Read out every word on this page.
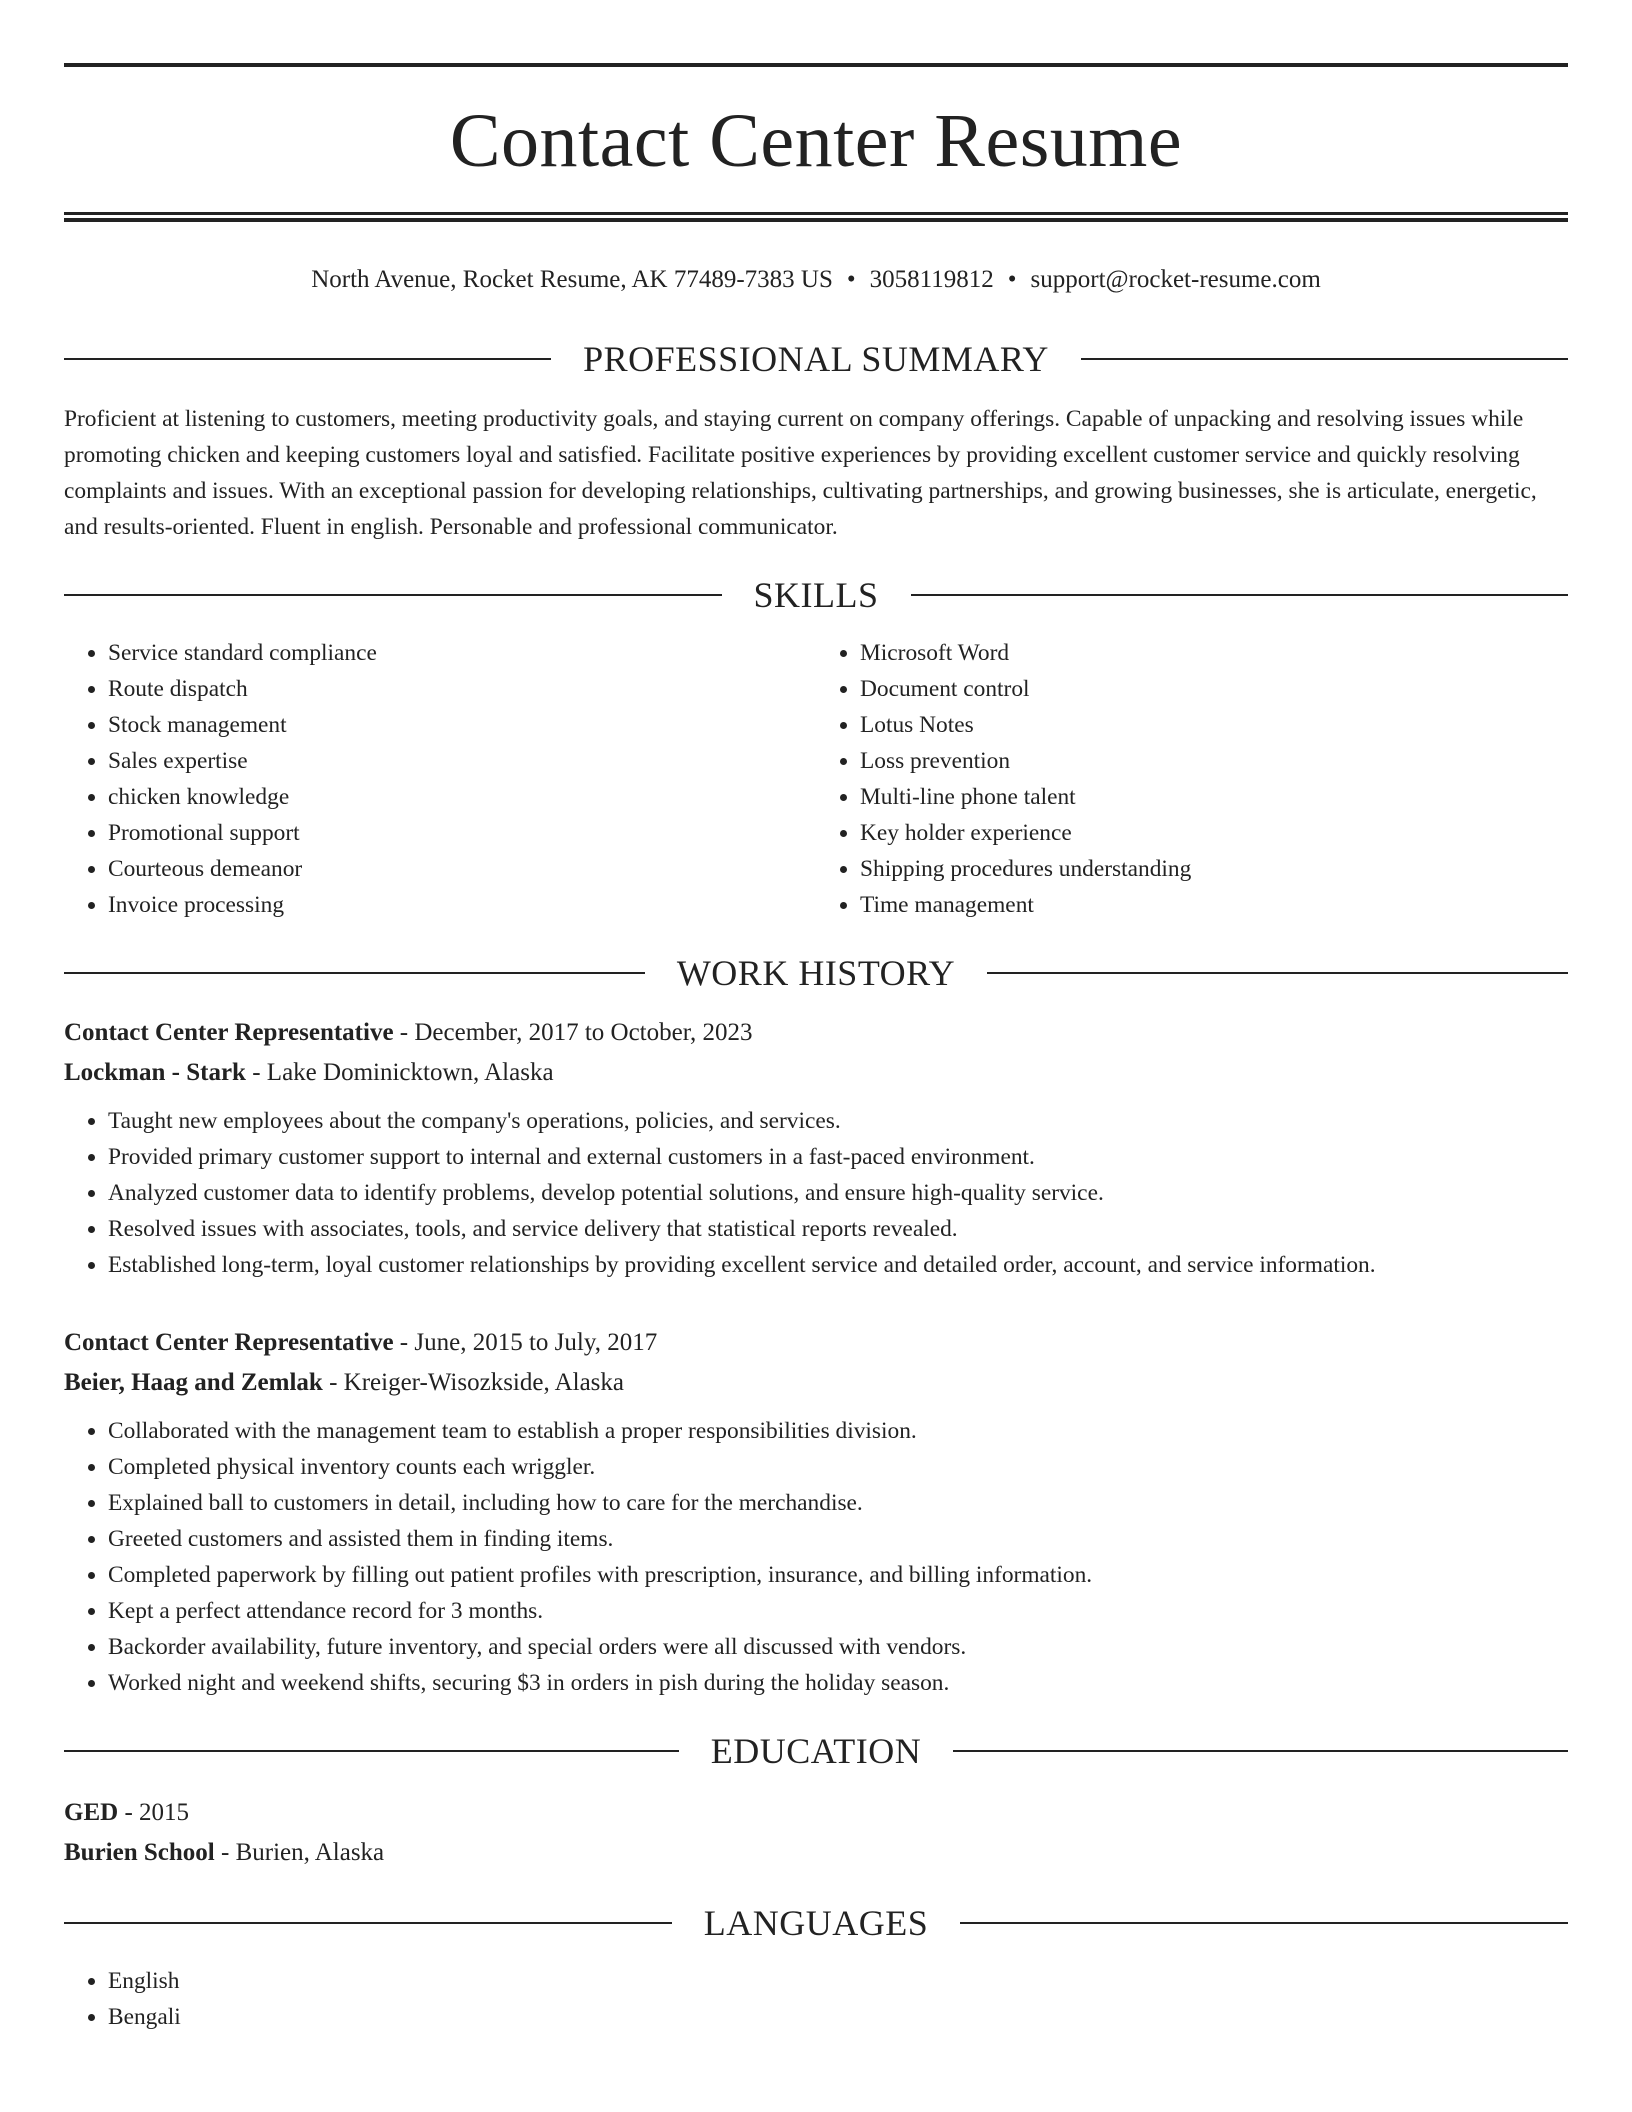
Contact Center Resume
North Avenue, Rocket Resume, AK 77489-7383 US • 3058119812 • support@rocket-resume.com
PROFESSIONAL SUMMARY
Proficient at listening to customers, meeting productivity goals, and staying current on company offerings. Capable of unpacking and resolving issues while promoting chicken and keeping customers loyal and satisfied. Facilitate positive experiences by providing excellent customer service and quickly resolving complaints and issues. With an exceptional passion for developing relationships, cultivating partnerships, and growing businesses, she is articulate, energetic, and results-oriented. Fluent in english. Personable and professional communicator.
SKILLS
• Service standard compliance
• Route dispatch
• Stock management
• Sales expertise
• chicken knowledge
• Promotional support
• Courteous demeanor
• Invoice processing
• Microsoft Word
• Document control
• Lotus Notes
• Loss prevention
• Multi-line phone talent
• Key holder experience
• Shipping procedures understanding
• Time management
WORK HISTORY
Contact Center Representative - December, 2017 to October, 2023
Lockman - Stark - Lake Dominicktown, Alaska
• Taught new employees about the company's operations, policies, and services.
• Provided primary customer support to internal and external customers in a fast-paced environment.
• Analyzed customer data to identify problems, develop potential solutions, and ensure high-quality service.
• Resolved issues with associates, tools, and service delivery that statistical reports revealed.
• Established long-term, loyal customer relationships by providing excellent service and detailed order, account, and service information.
Contact Center Representative - June, 2015 to July, 2017
Beier, Haag and Zemlak - Kreiger-Wisozkside, Alaska
• Collaborated with the management team to establish a proper responsibilities division.
• Completed physical inventory counts each wriggler.
• Explained ball to customers in detail, including how to care for the merchandise.
• Greeted customers and assisted them in finding items.
• Completed paperwork by filling out patient profiles with prescription, insurance, and billing information.
• Kept a perfect attendance record for 3 months.
• Backorder availability, future inventory, and special orders were all discussed with vendors.
• Worked night and weekend shifts, securing $3 in orders in pish during the holiday season.
EDUCATION
GED - 2015
Burien School - Burien, Alaska
LANGUAGES
• English
• Bengali
